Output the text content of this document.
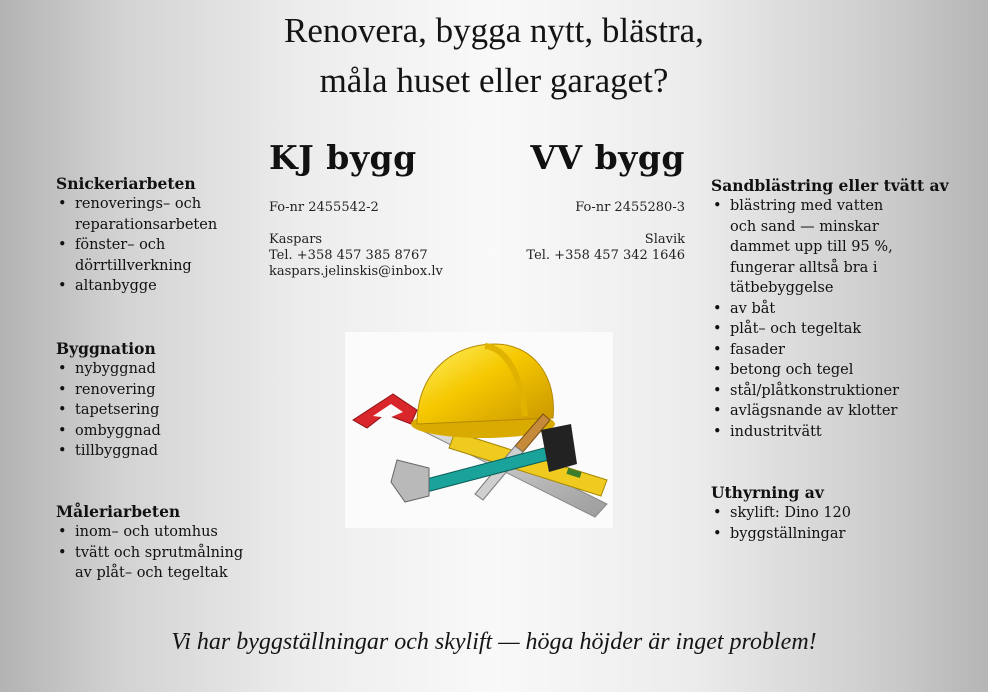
Renovera, bygga nytt, blästra,
måla huset eller garaget?
KJ bygg	VV bygg
Fo-nr 2455542-2
Kaspars
Tel. +358 457 385 8767
kaspars.jelinskis@inbox.lv
Fo-nr 2455280-3
Slavik
Tel. +358 457 342 1646
Snickeriarbeten
• renoverings– och
reparationsarbeten
• fönster– och
dörrtillverkning
• altanbygge
Byggnation
• nybyggnad
• renovering
• tapetsering
• ombyggnad
• tillbyggnad
Måleriarbeten
• inom– och utomhus
• tvätt och sprutmålning
av plåt– och tegeltak
Sandblästring eller tvätt av
• blästring med vatten
och sand — minskar
dammet upp till 95 %,
fungerar alltså bra i
tätbebyggelse
• av båt
• plåt– och tegeltak
• fasader
• betong och tegel
• stål/plåtkonstruktioner
• avlägsnande av klotter
• industritvätt
Uthyrning av
• skylift: Dino 120
• byggställningar
Vi har byggställningar och skylift — höga höjder är inget problem!
